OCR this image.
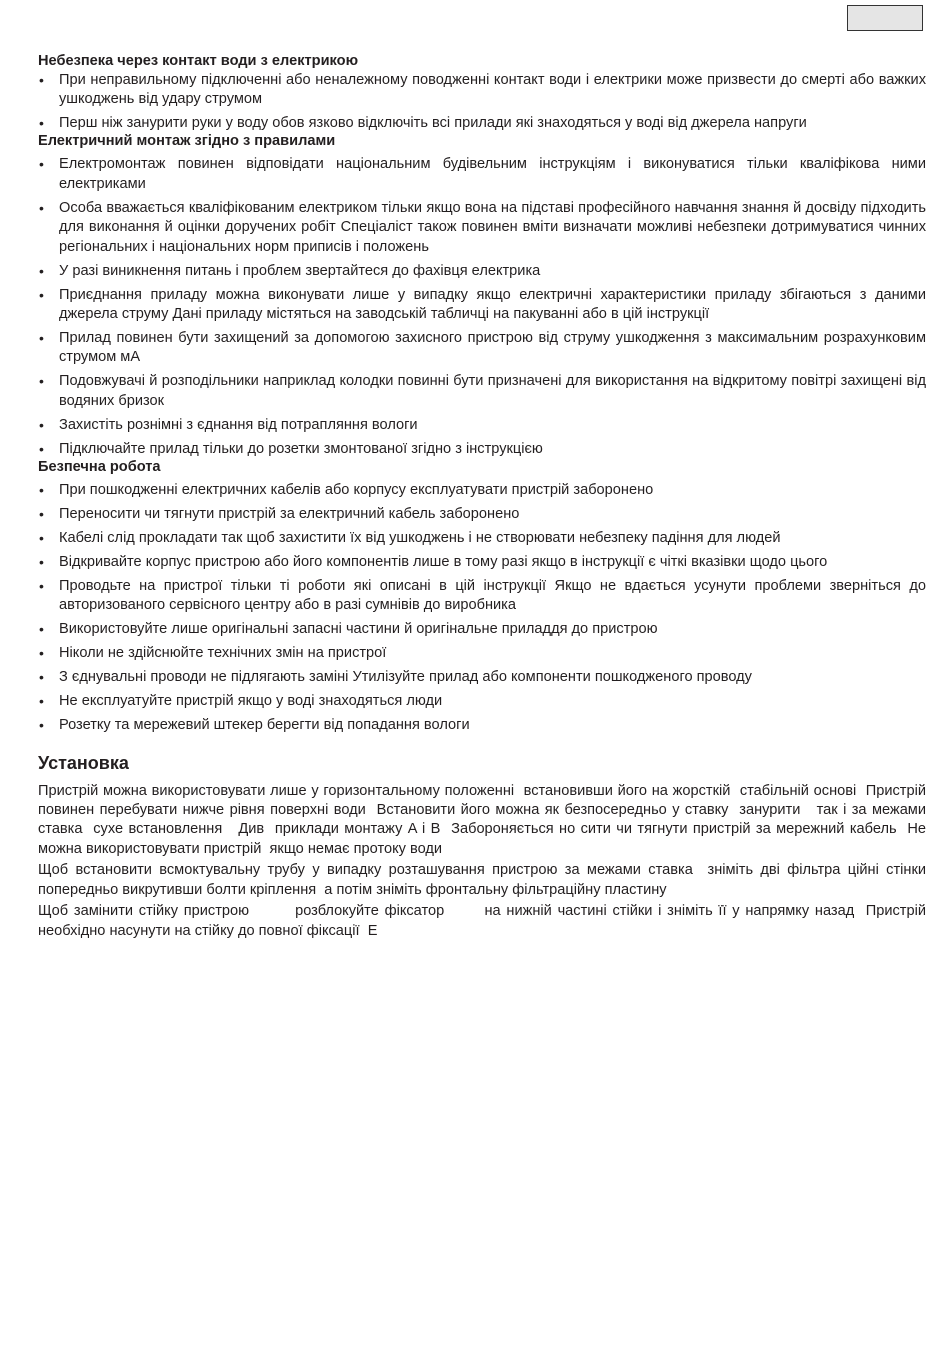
Небезпека через контакт води з електрикою
• При неправильному підключенні або неналежному поводженні контакт води і електрики може призвести до смерті або важких ушкоджень від удару струмом
• Перш ніж занурити руки у воду обов язково відключіть всі прилади які знаходяться у воді від джерела напруги
Електричний монтаж згідно з правилами
• Електромонтаж повинен відповідати національним будівельним інструкціям і виконуватися тільки кваліфікова ними електриками
• Особа вважається кваліфікованим електриком тільки якщо вона на підставі професійного навчання знання й досвіду підходить для виконання й оцінки доручених робіт Спеціаліст також повинен вміти визначати можливі небезпеки дотримуватися чинних регіональних і національних норм приписів і положень
• У разі виникнення питань і проблем звертайтеся до фахівця електрика
• Приєднання приладу можна виконувати лише у випадку якщо електричні характеристики приладу збігаються з даними джерела струму Дані приладу містяться на заводській табличці на пакуванні або в цій інструкції
• Прилад повинен бути захищений за допомогою захисного пристрою від струму ушкодження з максимальним розрахунковим струмом мА
• Подовжувачі й розподільники наприклад колодки повинні бути призначені для використання на відкритому повітрі захищені від водяних бризок
• Захистіть рознімні з єднання від потрапляння вологи
• Підключайте прилад тільки до розетки змонтованої згідно з інструкцією
Безпечна робота
• При пошкодженні електричних кабелів або корпусу експлуатувати пристрій заборонено
• Переносити чи тягнути пристрій за електричний кабель заборонено
• Кабелі слід прокладати так щоб захистити їх від ушкоджень і не створювати небезпеку падіння для людей
• Відкривайте корпус пристрою або його компонентів лише в тому разі якщо в інструкції є чіткі вказівки щодо цього
• Проводьте на пристрої тільки ті роботи які описані в цій інструкції Якщо не вдається усунути проблеми зверніться до авторизованого сервісного центру або в разі сумнівів до виробника
• Використовуйте лише оригінальні запасні частини й оригінальне приладдя до пристрою
• Ніколи не здійснюйте технічних змін на пристрої
• З єднувальні проводи не підлягають заміні Утилізуйте прилад або компоненти пошкодженого проводу
• Не експлуатуйте пристрій якщо у воді знаходяться люди
• Розетку та мережевий штекер берегти від попадання вологи
Установка

Пристрій можна використовувати лише у горизонтальному положенні  встановивши його на жорсткій  стабільній основі  Пристрій повинен перебувати нижче рівня поверхні води  Встановити його можна як безпосередньо у ставку  занурити   так і за межами ставка  сухе встановлення   Див  приклади монтажу A і B  Забороняється но сити чи тягнути пристрій за мережний кабель  Не можна використовувати пристрій  якщо немає протоку води

Щоб встановити всмоктувальну трубу у випадку розташування пристрою за межами ставка  зніміть дві фільтра ційні стінки  попередньо викрутивши болти кріплення  а потім зніміть фронтальну фільтраційну пластину

Щоб замінити стійку пристрою        розблокуйте фіксатор       на нижній частині стійки і зніміть її у напрямку назад  Пристрій необхідно насунути на стійку до повної фіксації  E
